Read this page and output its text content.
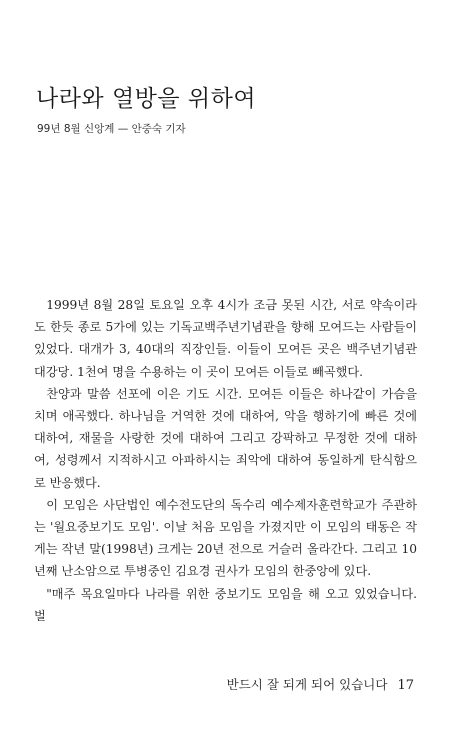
나라와 열방을 위하여
99년 8월 신앙계 — 안중숙 기자

1999년 8월 28일 토요일 오후 4시가 조금 못된 시간, 서로 약속이라도 한듯 종로 5가에 있는 기독교백주년기념관을 향해 모여드는 사람들이 있었다. 대개가 3, 40대의 직장인들. 이들이 모여든 곳은 백주년기념관 대강당. 1천여 명을 수용하는 이 곳이 모여든 이들로 빼곡했다.

찬양과 말씀 선포에 이은 기도 시간. 모여든 이들은 하나같이 가슴을 치며 애곡했다. 하나님을 거역한 것에 대하여, 악을 행하기에 빠른 것에 대하여, 재물을 사랑한 것에 대하여 그리고 강팍하고 무정한 것에 대하여, 성령께서 지적하시고 아파하시는 죄악에 대하여 동일하게 탄식함으로 반응했다.

이 모임은 사단법인 예수전도단의 독수리 예수제자훈련학교가 주관하는 '월요중보기도 모임'. 이날 처음 모임을 가졌지만 이 모임의 태동은 작게는 작년 말(1998년) 크게는 20년 전으로 거슬러 올라간다. 그리고 10년째 난소암으로 투병중인 김요경 권사가 모임의 한중앙에 있다.

"매주 목요일마다 나라를 위한 중보기도 모임을 해 오고 있었습니다. 벌

반드시 잘 되게 되어 있습니다 17
